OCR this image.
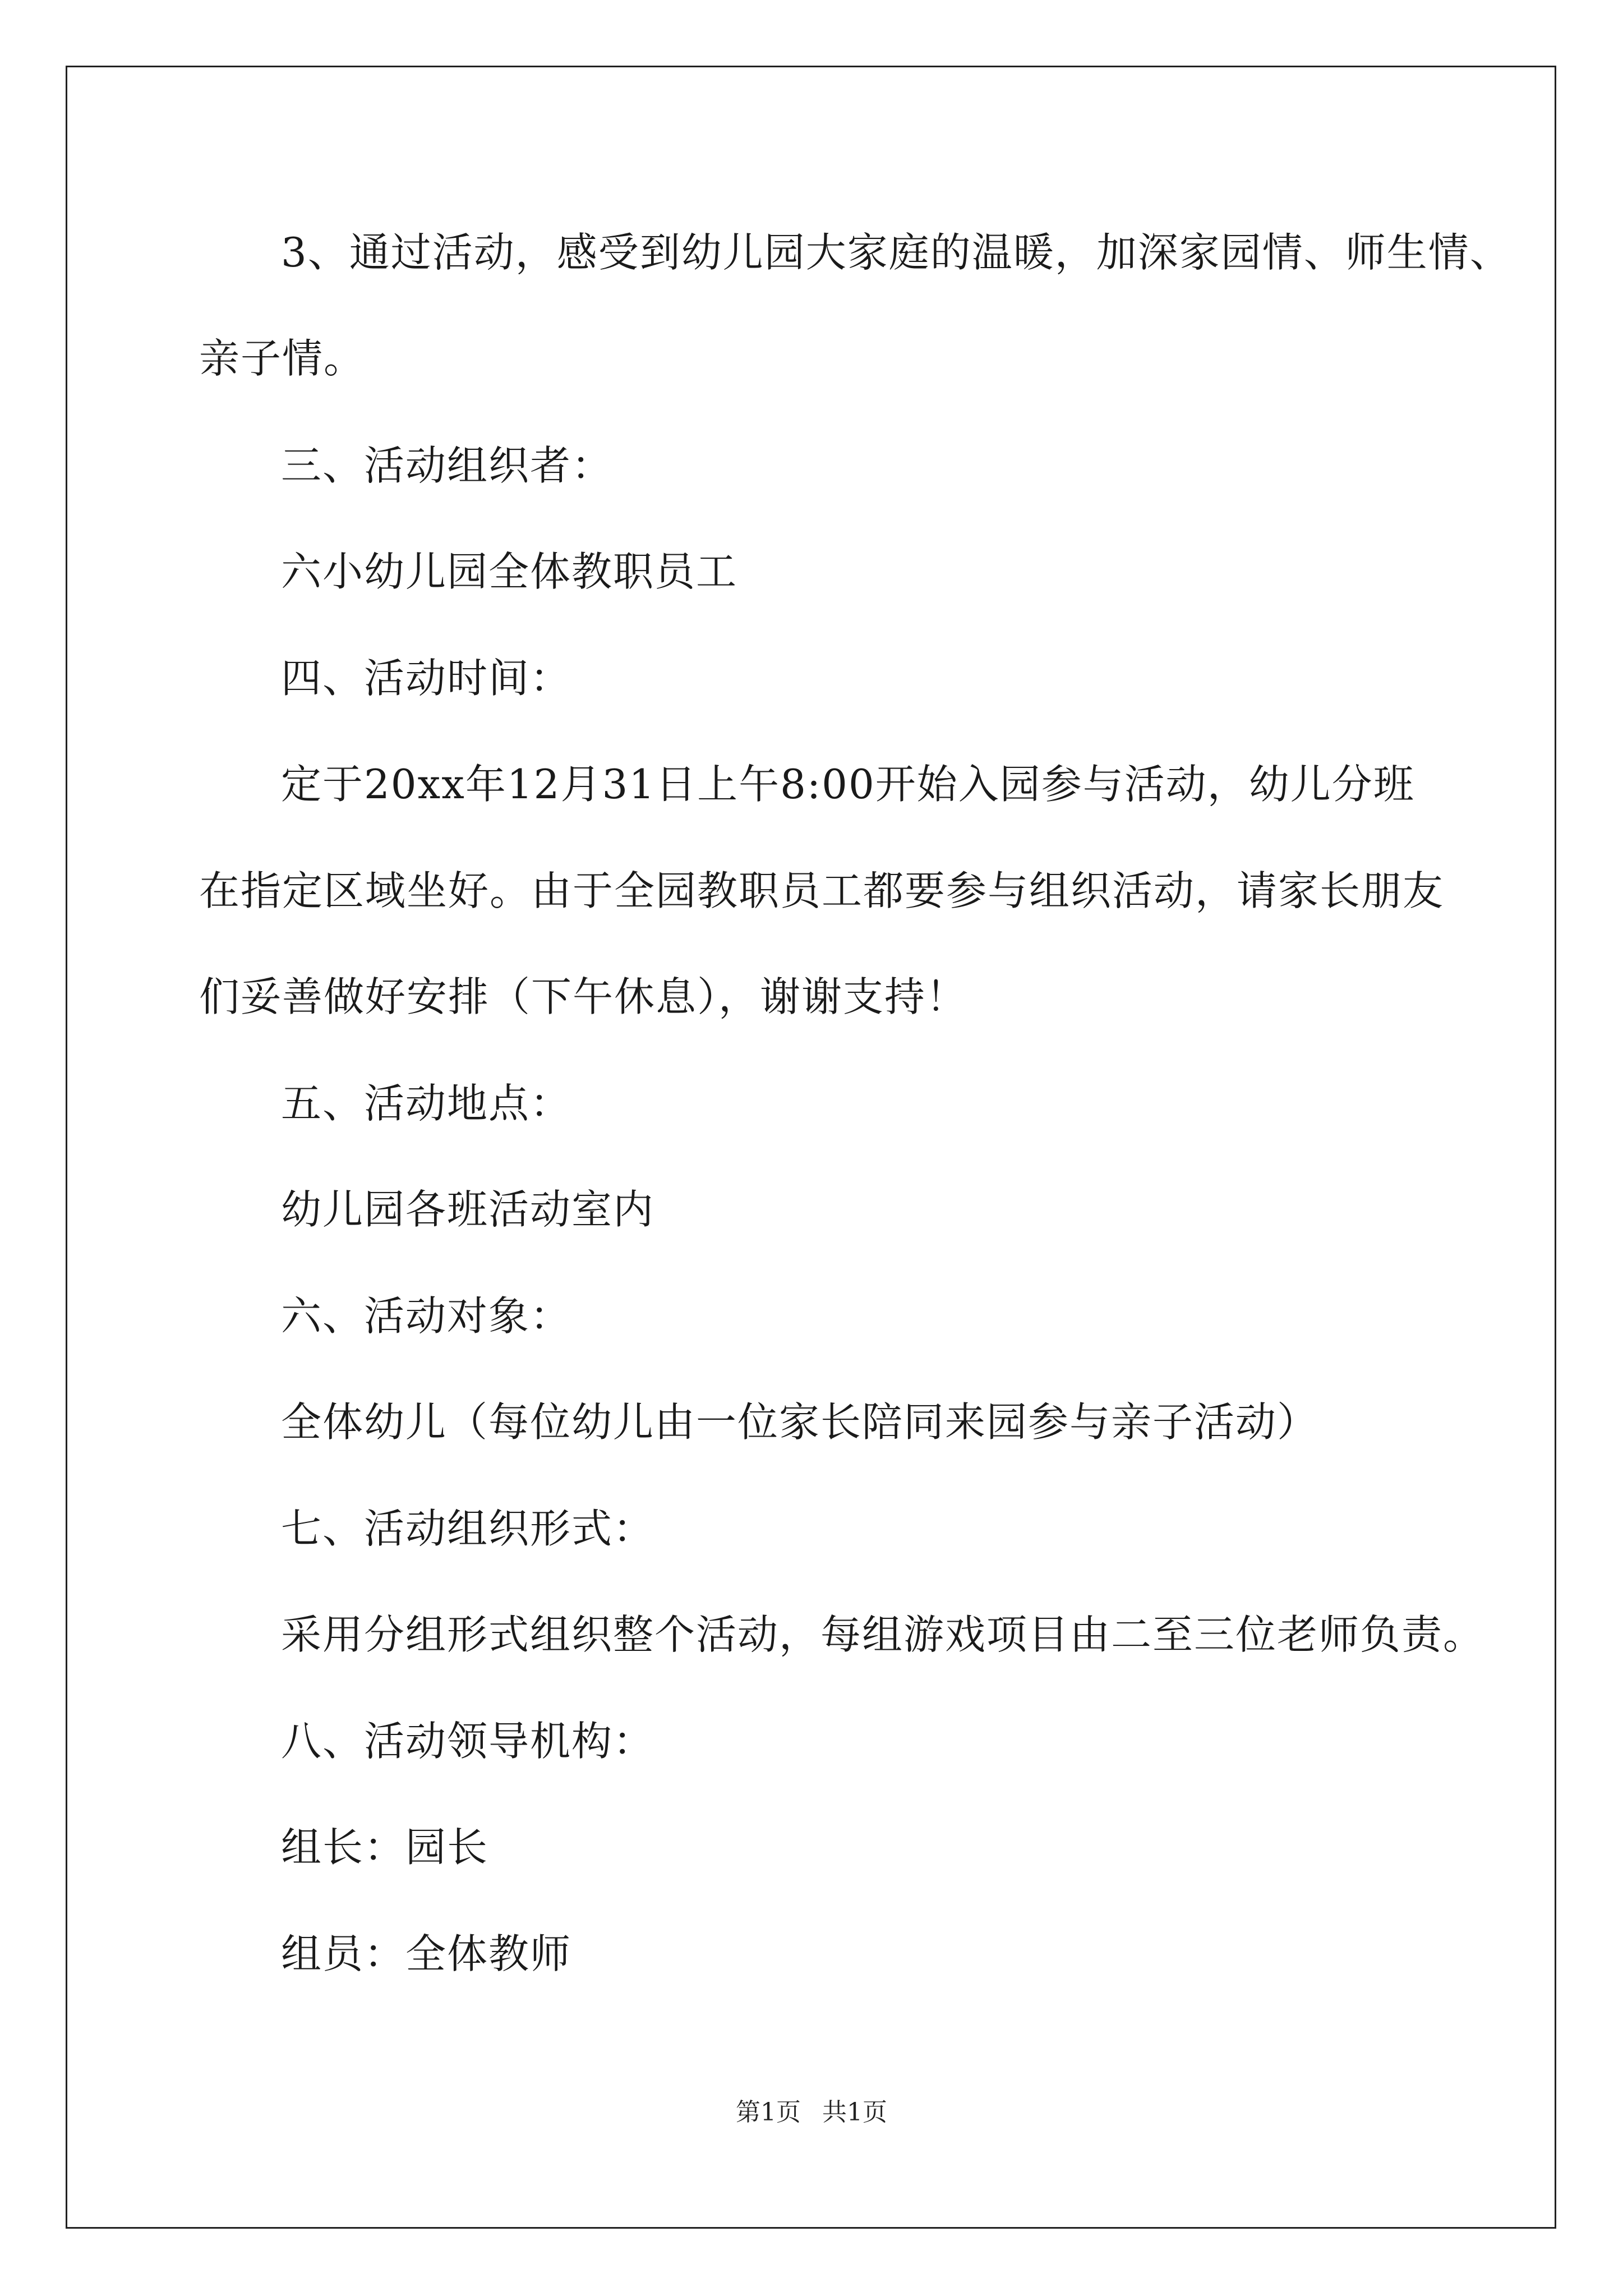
3、通过活动，感受到幼儿园大家庭的温暖，加深家园情、师生情、
亲子情。
三、活动组织者：
六小幼儿园全体教职员工
四、活动时间：
定于20xx年12月31日上午8:00开始入园参与活动，幼儿分班
在指定区域坐好。由于全园教职员工都要参与组织活动，请家长朋友
们妥善做好安排（下午休息），谢谢支持！
五、活动地点：
幼儿园各班活动室内
六、活动对象：
全体幼儿（每位幼儿由一位家长陪同来园参与亲子活动）
七、活动组织形式：
采用分组形式组织整个活动，每组游戏项目由二至三位老师负责。
八、活动领导机构：
组长：园长
组员：全体教师
第1页 共1页
